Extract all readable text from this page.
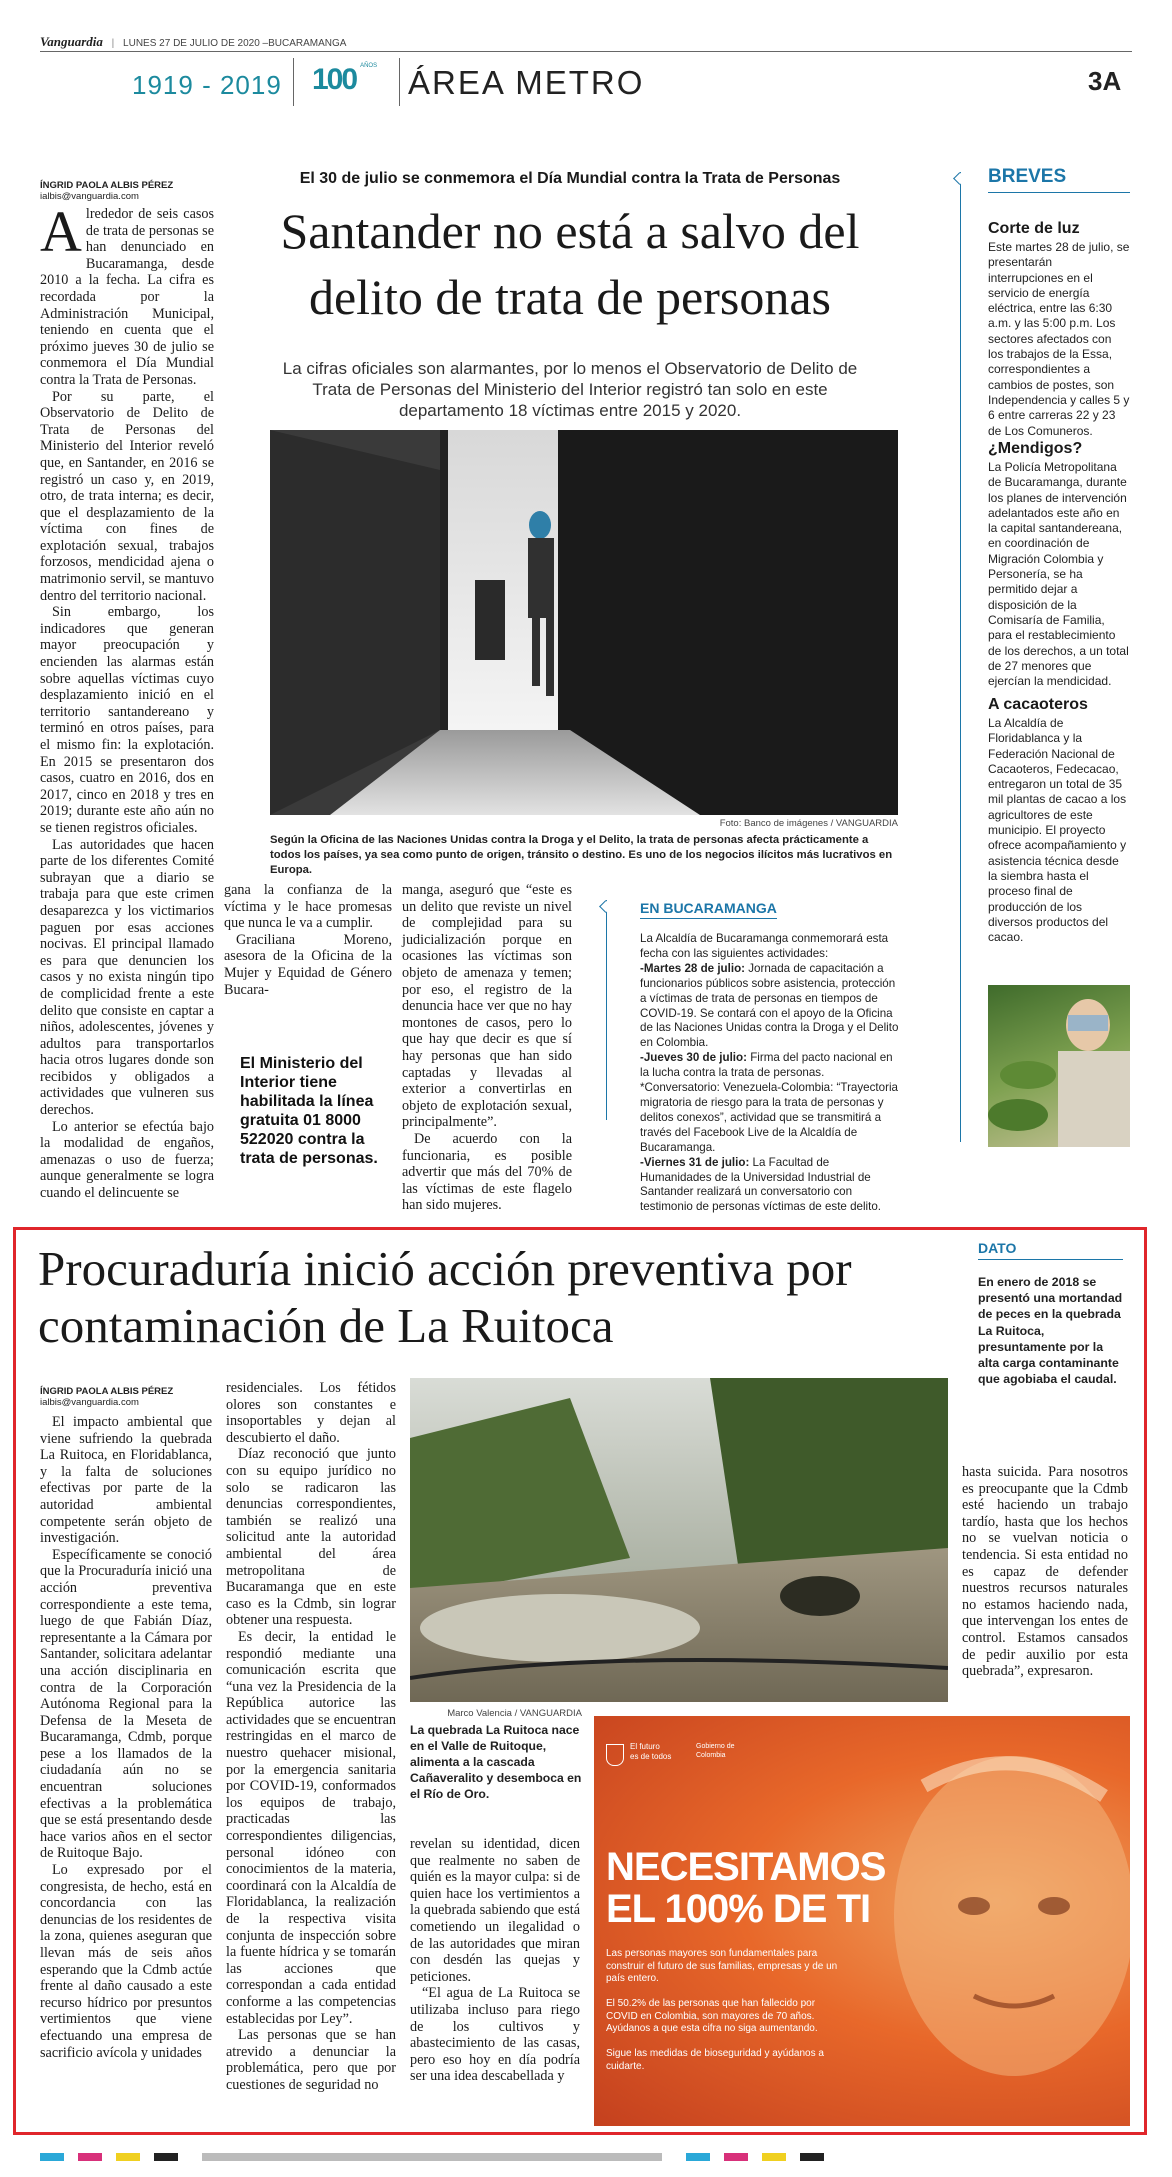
Vanguardia | LUNES 27 DE JULIO DE 2020 –BUCARAMANGA
1919 - 2019 100 $^{AÑOS}$ ÁREA METRO	3A
ÍNGRID PAOLA ALBIS PÉREZ
ialbis@vanguardia.com
El 30 de julio se conmemora el Día Mundial contra la Trata de Personas
Santander no está a salvo del delito de trata de personas
La cifras oficiales son alarmantes, por lo menos el Observatorio de Delito de Trata de Personas del Ministerio del Interior registró tan solo en este departamento 18 víctimas entre 2015 y 2020.

Alrededor de seis casos de trata de personas se han denunciado en Bucaramanga, desde 2010 a la fecha. La cifra es recordada por la Administración Municipal, teniendo en cuenta que el próximo jueves 30 de julio se conmemora el Día Mundial contra la Trata de Personas.

Por su parte, el Observatorio de Delito de Trata de Personas del Ministerio del Interior reveló que, en Santander, en 2016 se registró un caso y, en 2019, otro, de trata interna; es decir, que el desplazamiento de la víctima con fines de explotación sexual, trabajos forzosos, mendicidad ajena o matrimonio servil, se mantuvo dentro del territorio nacional.

Sin embargo, los indicadores que generan mayor preocupación y encienden las alarmas están sobre aquellas víctimas cuyo desplazamiento inició en el territorio santandereano y terminó en otros países, para el mismo fin: la explotación. En 2015 se presentaron dos casos, cuatro en 2016, dos en 2017, cinco en 2018 y tres en 2019; durante este año aún no se tienen registros oficiales.

Las autoridades que hacen parte de los diferentes Comité subrayan que a diario se trabaja para que este crimen desaparezca y los victimarios paguen por esas acciones nocivas. El principal llamado es para que denuncien los casos y no exista ningún tipo de complicidad frente a este delito que consiste en captar a niños, adolescentes, jóvenes y adultos para transportarlos hacia otros lugares donde son recibidos y obligados a actividades que vulneren sus derechos.

Lo anterior se efectúa bajo la modalidad de engaños, amenazas o uso de fuerza; aunque generalmente se logra cuando el delincuente se

Foto: Banco de imágenes / VANGUARDIA
Según la Oficina de las Naciones Unidas contra la Droga y el Delito, la trata de personas afecta prácticamente a todos los países, ya sea como punto de origen, tránsito o destino. Es uno de los negocios ilícitos más lucrativos en Europa.

gana la confianza de la víctima y le hace promesas que nunca le va a cumplir.

Graciliana Moreno, asesora de la Oficina de la Mujer y Equidad de Género Bucara-

El Ministerio del Interior tiene habilitada la línea gratuita 01 8000 522020 contra la trata de personas.

manga, aseguró que “este es un delito que reviste un nivel de complejidad para su judicialización porque en ocasiones las víctimas son objeto de amenaza y temen; por eso, el registro de la denuncia hace ver que no hay montones de casos, pero lo que hay que decir es que sí hay personas que han sido captadas y llevadas al exterior a convertirlas en objeto de explotación sexual, principalmente”.

De acuerdo con la funcionaria, es posible advertir que más del 70% de las víctimas de este flagelo han sido mujeres.

EN BUCARAMANGA
La Alcaldía de Bucaramanga conmemorará esta fecha con las siguientes actividades:
-Martes 28 de julio: Jornada de capacitación a funcionarios públicos sobre asistencia, protección a víctimas de trata de personas en tiempos de COVID-19. Se contará con el apoyo de la Oficina de las Naciones Unidas contra la Droga y el Delito en Colombia.
-Jueves 30 de julio: Firma del pacto nacional en la lucha contra la trata de personas.
*Conversatorio: Venezuela-Colombia: “Trayectoria migratoria de riesgo para la trata de personas y delitos conexos”, actividad que se transmitirá a través del Facebook Live de la Alcaldía de Bucaramanga.
-Viernes 31 de julio: La Facultad de Humanidades de la Universidad Industrial de Santander realizará un conversatorio con testimonio de personas víctimas de este delito.
BREVES
Corte de luz
Este martes 28 de julio, se presentarán interrupciones en el servicio de energía eléctrica, entre las 6:30 a.m. y las 5:00 p.m. Los sectores afectados con los trabajos de la Essa, correspondientes a cambios de postes, son Independencia y calles 5 y 6 entre carreras 22 y 23 de Los Comuneros.
¿Mendigos?
La Policía Metropolitana de Bucaramanga, durante los planes de intervención adelantados este año en la capital santandereana, en coordinación de Migración Colombia y Personería, se ha permitido dejar a disposición de la Comisaría de Familia, para el restablecimiento de los derechos, a un total de 27 menores que ejercían la mendicidad.
A cacaoteros
La Alcaldía de Floridablanca y la Federación Nacional de Cacaoteros, Fedecacao, entregaron un total de 35 mil plantas de cacao a los agricultores de este municipio. El proyecto ofrece acompañamiento y asistencia técnica desde la siembra hasta el proceso final de producción de los diversos productos del cacao.
Procuraduría inició acción preventiva por contaminación de La Ruitoca
DATO
En enero de 2018 se presentó una mortandad de peces en la quebrada La Ruitoca, presuntamente por la alta carga contaminante que agobiaba el caudal.
ÍNGRID PAOLA ALBIS PÉREZ
ialbis@vanguardia.com

El impacto ambiental que viene sufriendo la quebrada La Ruitoca, en Floridablanca, y la falta de soluciones efectivas por parte de la autoridad ambiental competente serán objeto de investigación.

Específicamente se conoció que la Procuraduría inició una acción preventiva correspondiente a este tema, luego de que Fabián Díaz, representante a la Cámara por Santander, solicitara adelantar una acción disciplinaria en contra de la Corporación Autónoma Regional para la Defensa de la Meseta de Bucaramanga, Cdmb, porque pese a los llamados de la ciudadanía aún no se encuentran soluciones efectivas a la problemática que se está presentando desde hace varios años en el sector de Ruitoque Bajo.

Lo expresado por el congresista, de hecho, está en concordancia con las denuncias de los residentes de la zona, quienes aseguran que llevan más de seis años esperando que la Cdmb actúe frente al daño causado a este recurso hídrico por presuntos vertimientos que viene efectuando una empresa de sacrificio avícola y unidades

residenciales. Los fétidos olores son constantes e insoportables y dejan al descubierto el daño.

Díaz reconoció que junto con su equipo jurídico no solo se radicaron las denuncias correspondientes, también se realizó una solicitud ante la autoridad ambiental del área metropolitana de Bucaramanga que en este caso es la Cdmb, sin lograr obtener una respuesta.

Es decir, la entidad le respondió mediante una comunicación escrita que “una vez la Presidencia de la República autorice las actividades que se encuentran restringidas en el marco de nuestro quehacer misional, por la emergencia sanitaria por COVID-19, conformados los equipos de trabajo, practicadas las correspondientes diligencias, personal idóneo con conocimientos de la materia, coordinará con la Alcaldía de Floridablanca, la realización de la respectiva visita conjunta de inspección sobre la fuente hídrica y se tomarán las acciones que correspondan a cada entidad conforme a las competencias establecidas por Ley”.

Las personas que se han atrevido a denunciar la problemática, pero que por cuestiones de seguridad no

Marco Valencia / VANGUARDIA
La quebrada La Ruitoca nace en el Valle de Ruitoque, alimenta a la cascada Cañaveralito y desemboca en el Río de Oro.

revelan su identidad, dicen que realmente no saben de quién es la mayor culpa: si de quien hace los vertimientos a la quebrada sabiendo que está cometiendo un ilegalidad o de las autoridades que miran con desdén las quejas y peticiones.

“El agua de La Ruitoca se utilizaba incluso para riego de los cultivos y abastecimiento de las casas, pero eso hoy en día podría ser una idea descabellada y

hasta suicida. Para nosotros es preocupante que la Cdmb esté haciendo un trabajo tardío, hasta que los hechos no se vuelvan noticia o tendencia. Si esta entidad no es capaz de defender nuestros recursos naturales no estamos haciendo nada, que intervengan los entes de control. Estamos cansados de pedir auxilio por esta quebrada”, expresaron.

El futuro
es de todos
Gobierno de Colombia
NECESITAMOS
EL 100% DE TI
Las personas mayores son fundamentales para construir el futuro de sus familias, empresas y de un país entero.
El 50.2% de las personas que han fallecido por COVID en Colombia, son mayores de 70 años. Ayúdanos a que esta cifra no siga aumentando.
Sigue las medidas de bioseguridad y ayúdanos a cuidarte.
